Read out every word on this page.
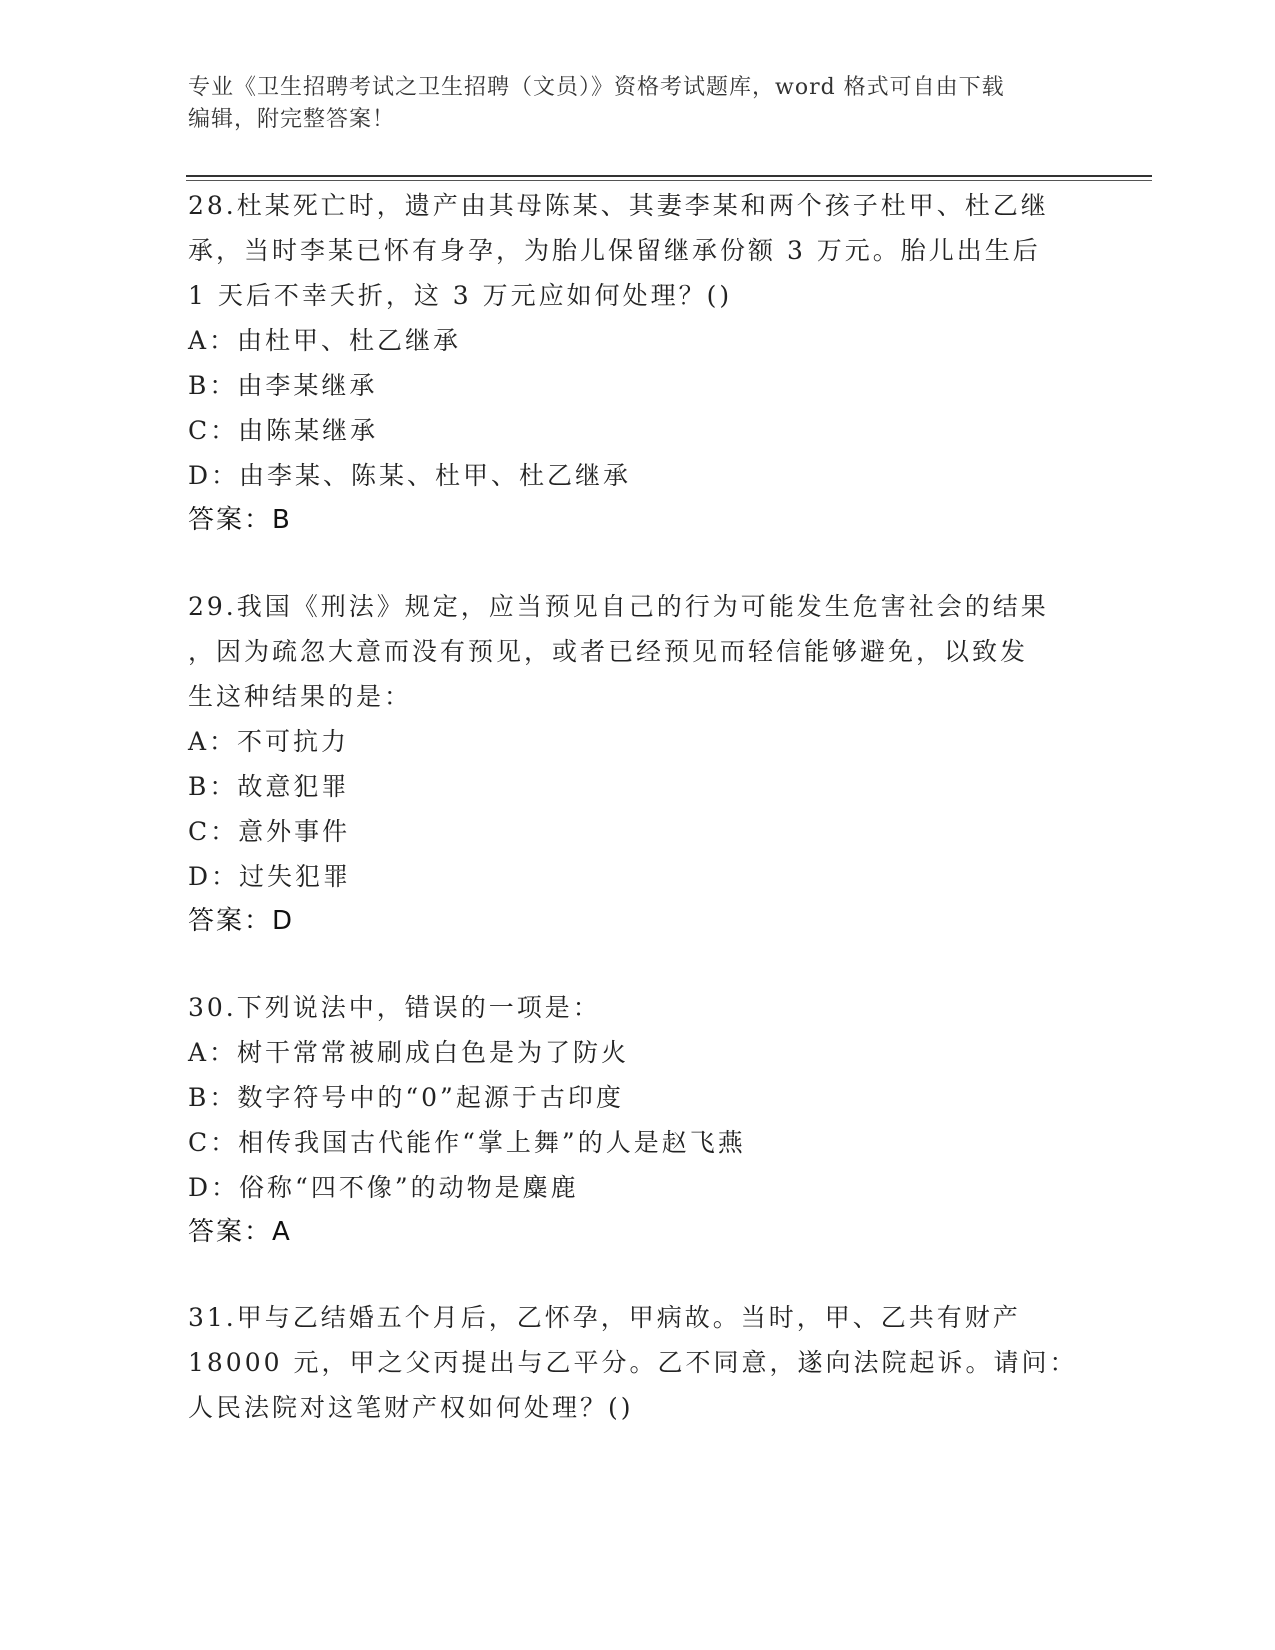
专业《卫生招聘考试之卫生招聘（文员）》资格考试题库，word 格式可自由下载
编辑，附完整答案！

28.杜某死亡时，遗产由其母陈某、其妻李某和两个孩子杜甲、杜乙继

承，当时李某已怀有身孕，为胎儿保留继承份额 3 万元。胎儿出生后

1 天后不幸夭折，这 3 万元应如何处理？()

A：由杜甲、杜乙继承

B：由李某继承

C：由陈某继承

D：由李某、陈某、杜甲、杜乙继承

答案：B

29.我国《刑法》规定，应当预见自己的行为可能发生危害社会的结果

，因为疏忽大意而没有预见，或者已经预见而轻信能够避免，以致发

生这种结果的是：

A：不可抗力

B：故意犯罪

C：意外事件

D：过失犯罪

答案：D

30.下列说法中，错误的一项是：

A：树干常常被刷成白色是为了防火

B：数字符号中的“0”起源于古印度

C：相传我国古代能作“掌上舞”的人是赵飞燕

D：俗称“四不像”的动物是麋鹿

答案：A

31.甲与乙结婚五个月后，乙怀孕，甲病故。当时，甲、乙共有财产

18000 元，甲之父丙提出与乙平分。乙不同意，遂向法院起诉。请问：

人民法院对这笔财产权如何处理？()
